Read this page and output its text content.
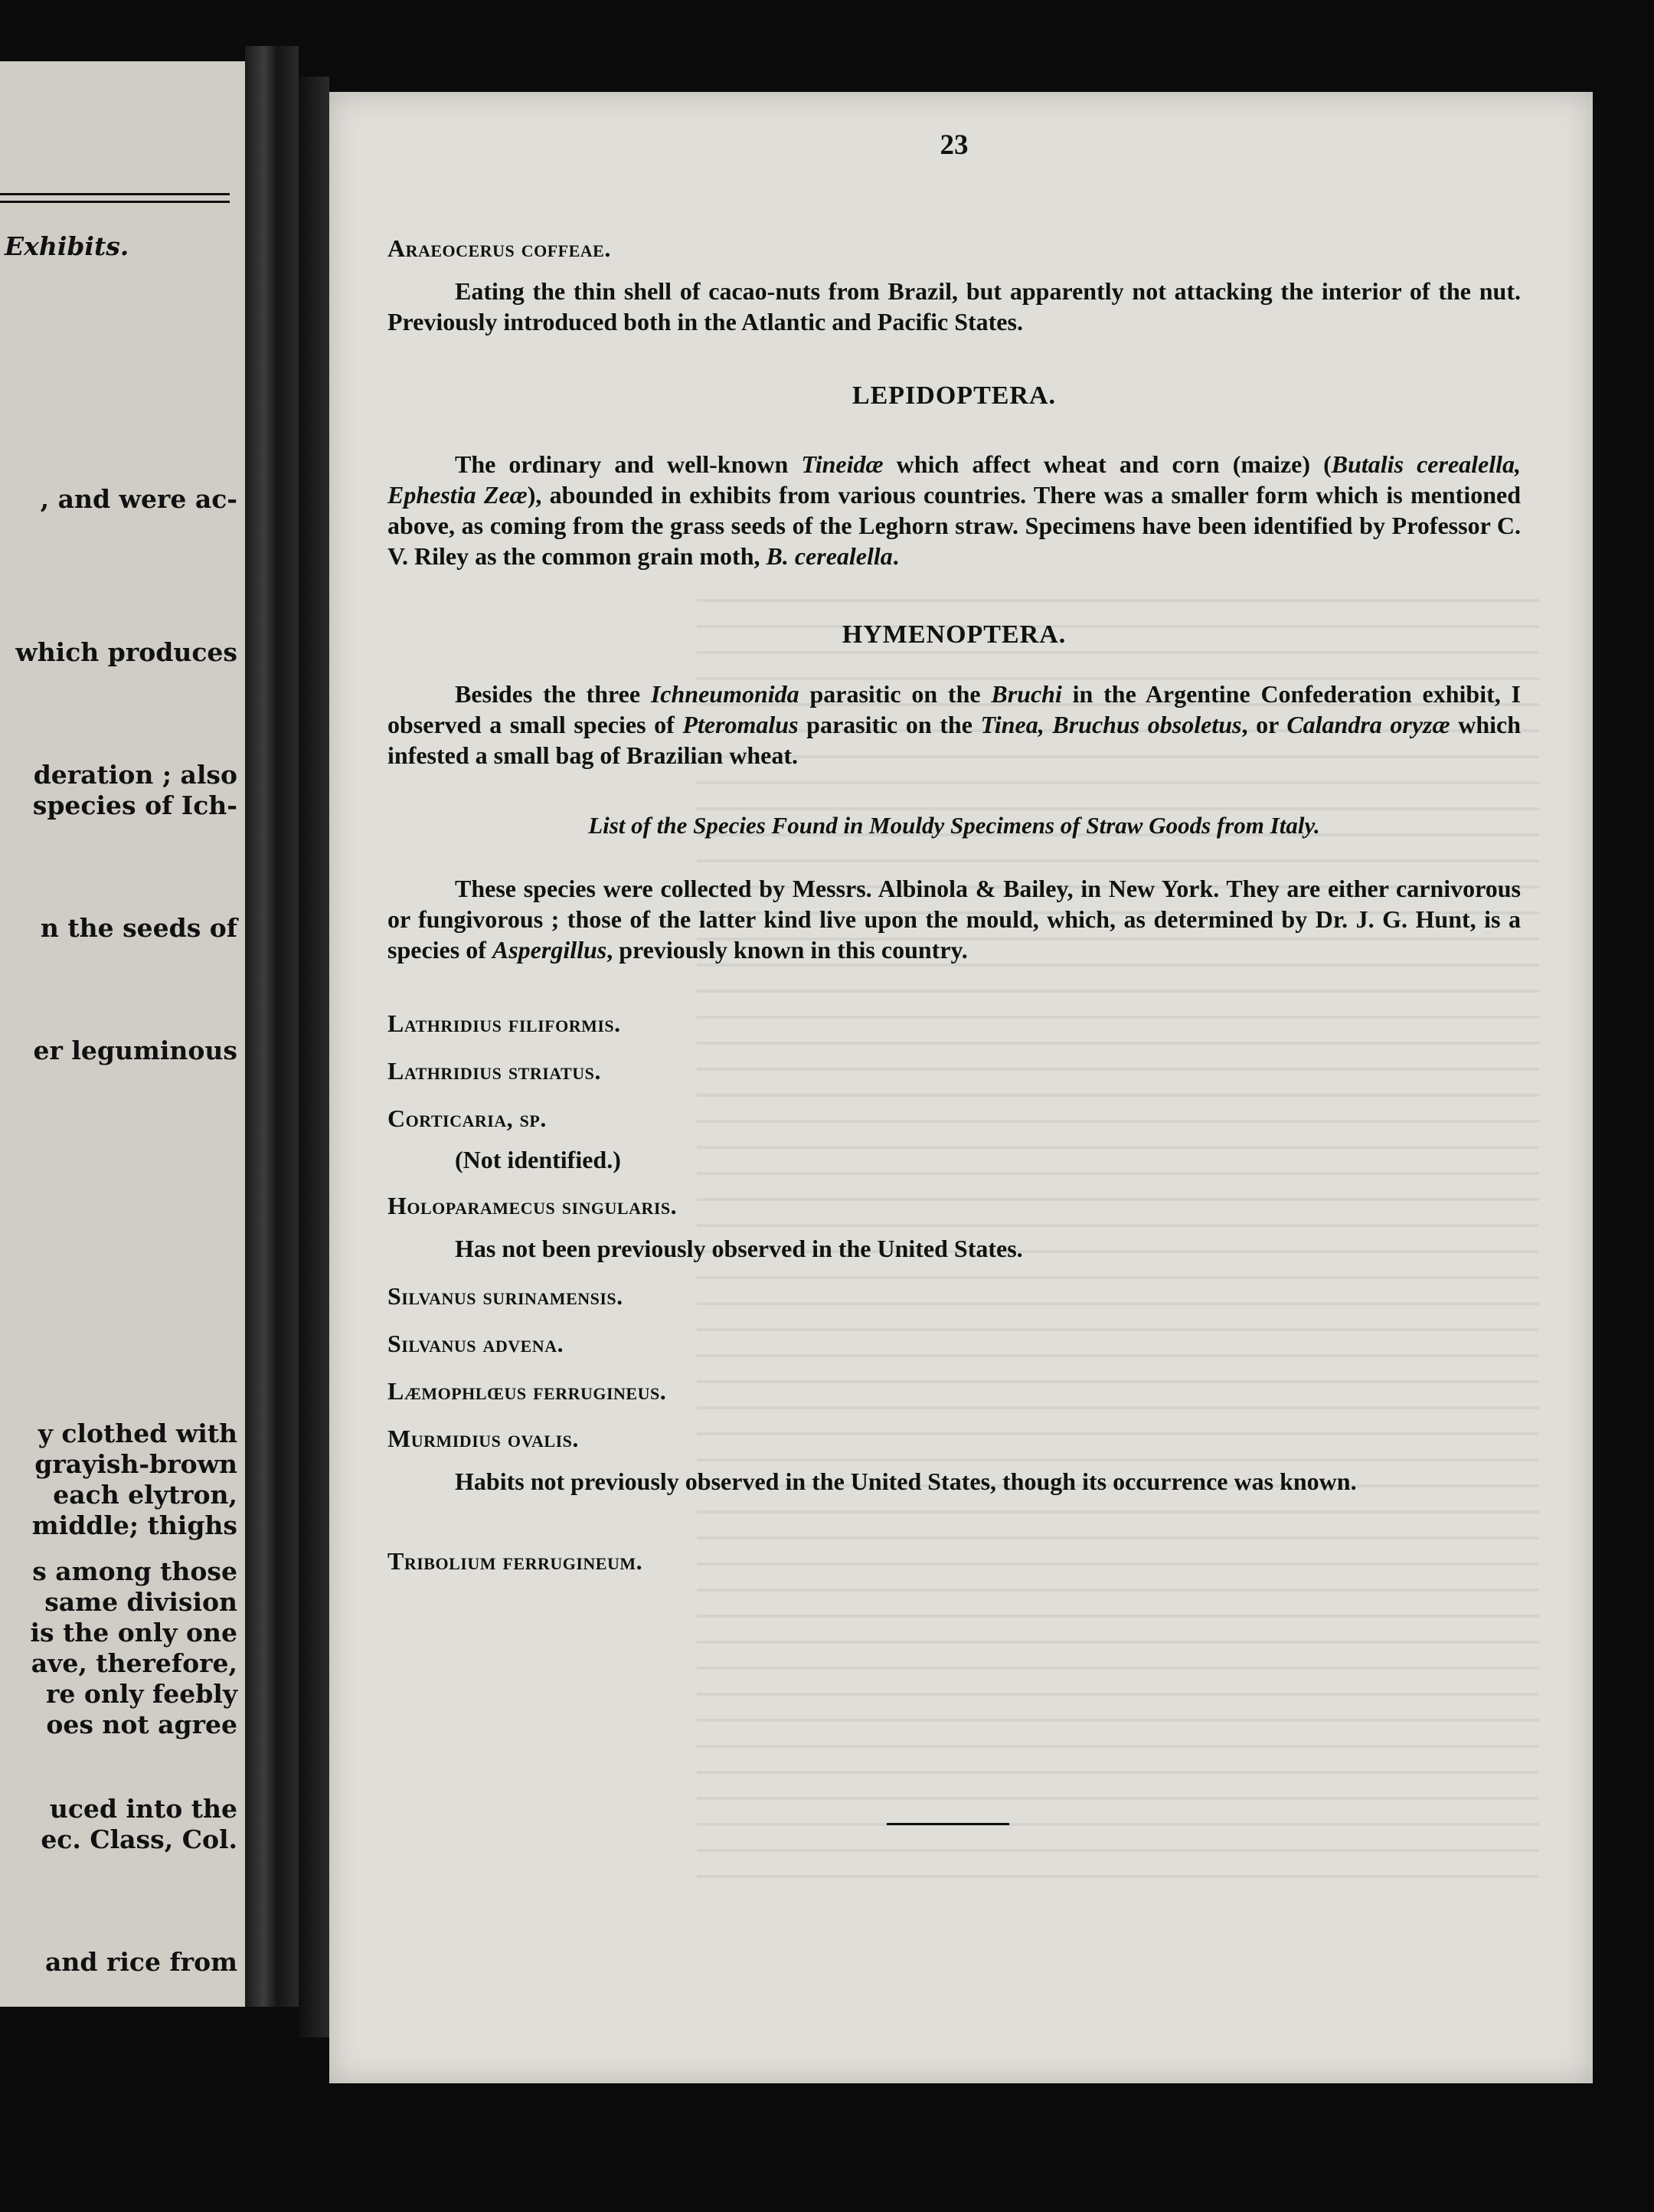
Exhibits.
, and were ac-
which produces
deration ; also
species of Ich-
n the seeds of
er leguminous
y clothed with
grayish-brown
each elytron,
middle; thighs
s among those
same division
is the only one
ave, therefore,
re only feebly
oes not agree
uced into the
ec. Class, Col.
and rice from
23
Araeocerus coffeae.
Eating the thin shell of cacao-nuts from Brazil, but apparently not attacking the interior of the nut. Previously introduced both in the Atlantic and Pacific States.
LEPIDOPTERA.
The ordinary and well-known Tineidæ which affect wheat and corn (maize) (Butalis cerealella, Ephestia Zeæ), abounded in exhibits from various countries. There was a smaller form which is mentioned above, as coming from the grass seeds of the Leghorn straw. Specimens have been identified by Professor C. V. Riley as the common grain moth, B. cerealella.
HYMENOPTERA.
Besides the three Ichneumonida parasitic on the Bruchi in the Argentine Confederation exhibit, I observed a small species of Pteromalus parasitic on the Tinea, Bruchus obsoletus, or Calandra oryzæ which infested a small bag of Brazilian wheat.
List of the Species Found in Mouldy Specimens of Straw Goods from Italy.
These species were collected by Messrs. Albinola & Bailey, in New York. They are either carnivorous or fungivorous ; those of the latter kind live upon the mould, which, as determined by Dr. J. G. Hunt, is a species of Aspergillus, previously known in this country.
Lathridius filiformis.
Lathridius striatus.
Corticaria, sp.
(Not identified.)
Holoparamecus singularis.
Has not been previously observed in the United States.
Silvanus surinamensis.
Silvanus advena.
Læmophlœus ferrugineus.
Murmidius ovalis.
Habits not previously observed in the United States, though its occurrence was known.
Tribolium ferrugineum.
